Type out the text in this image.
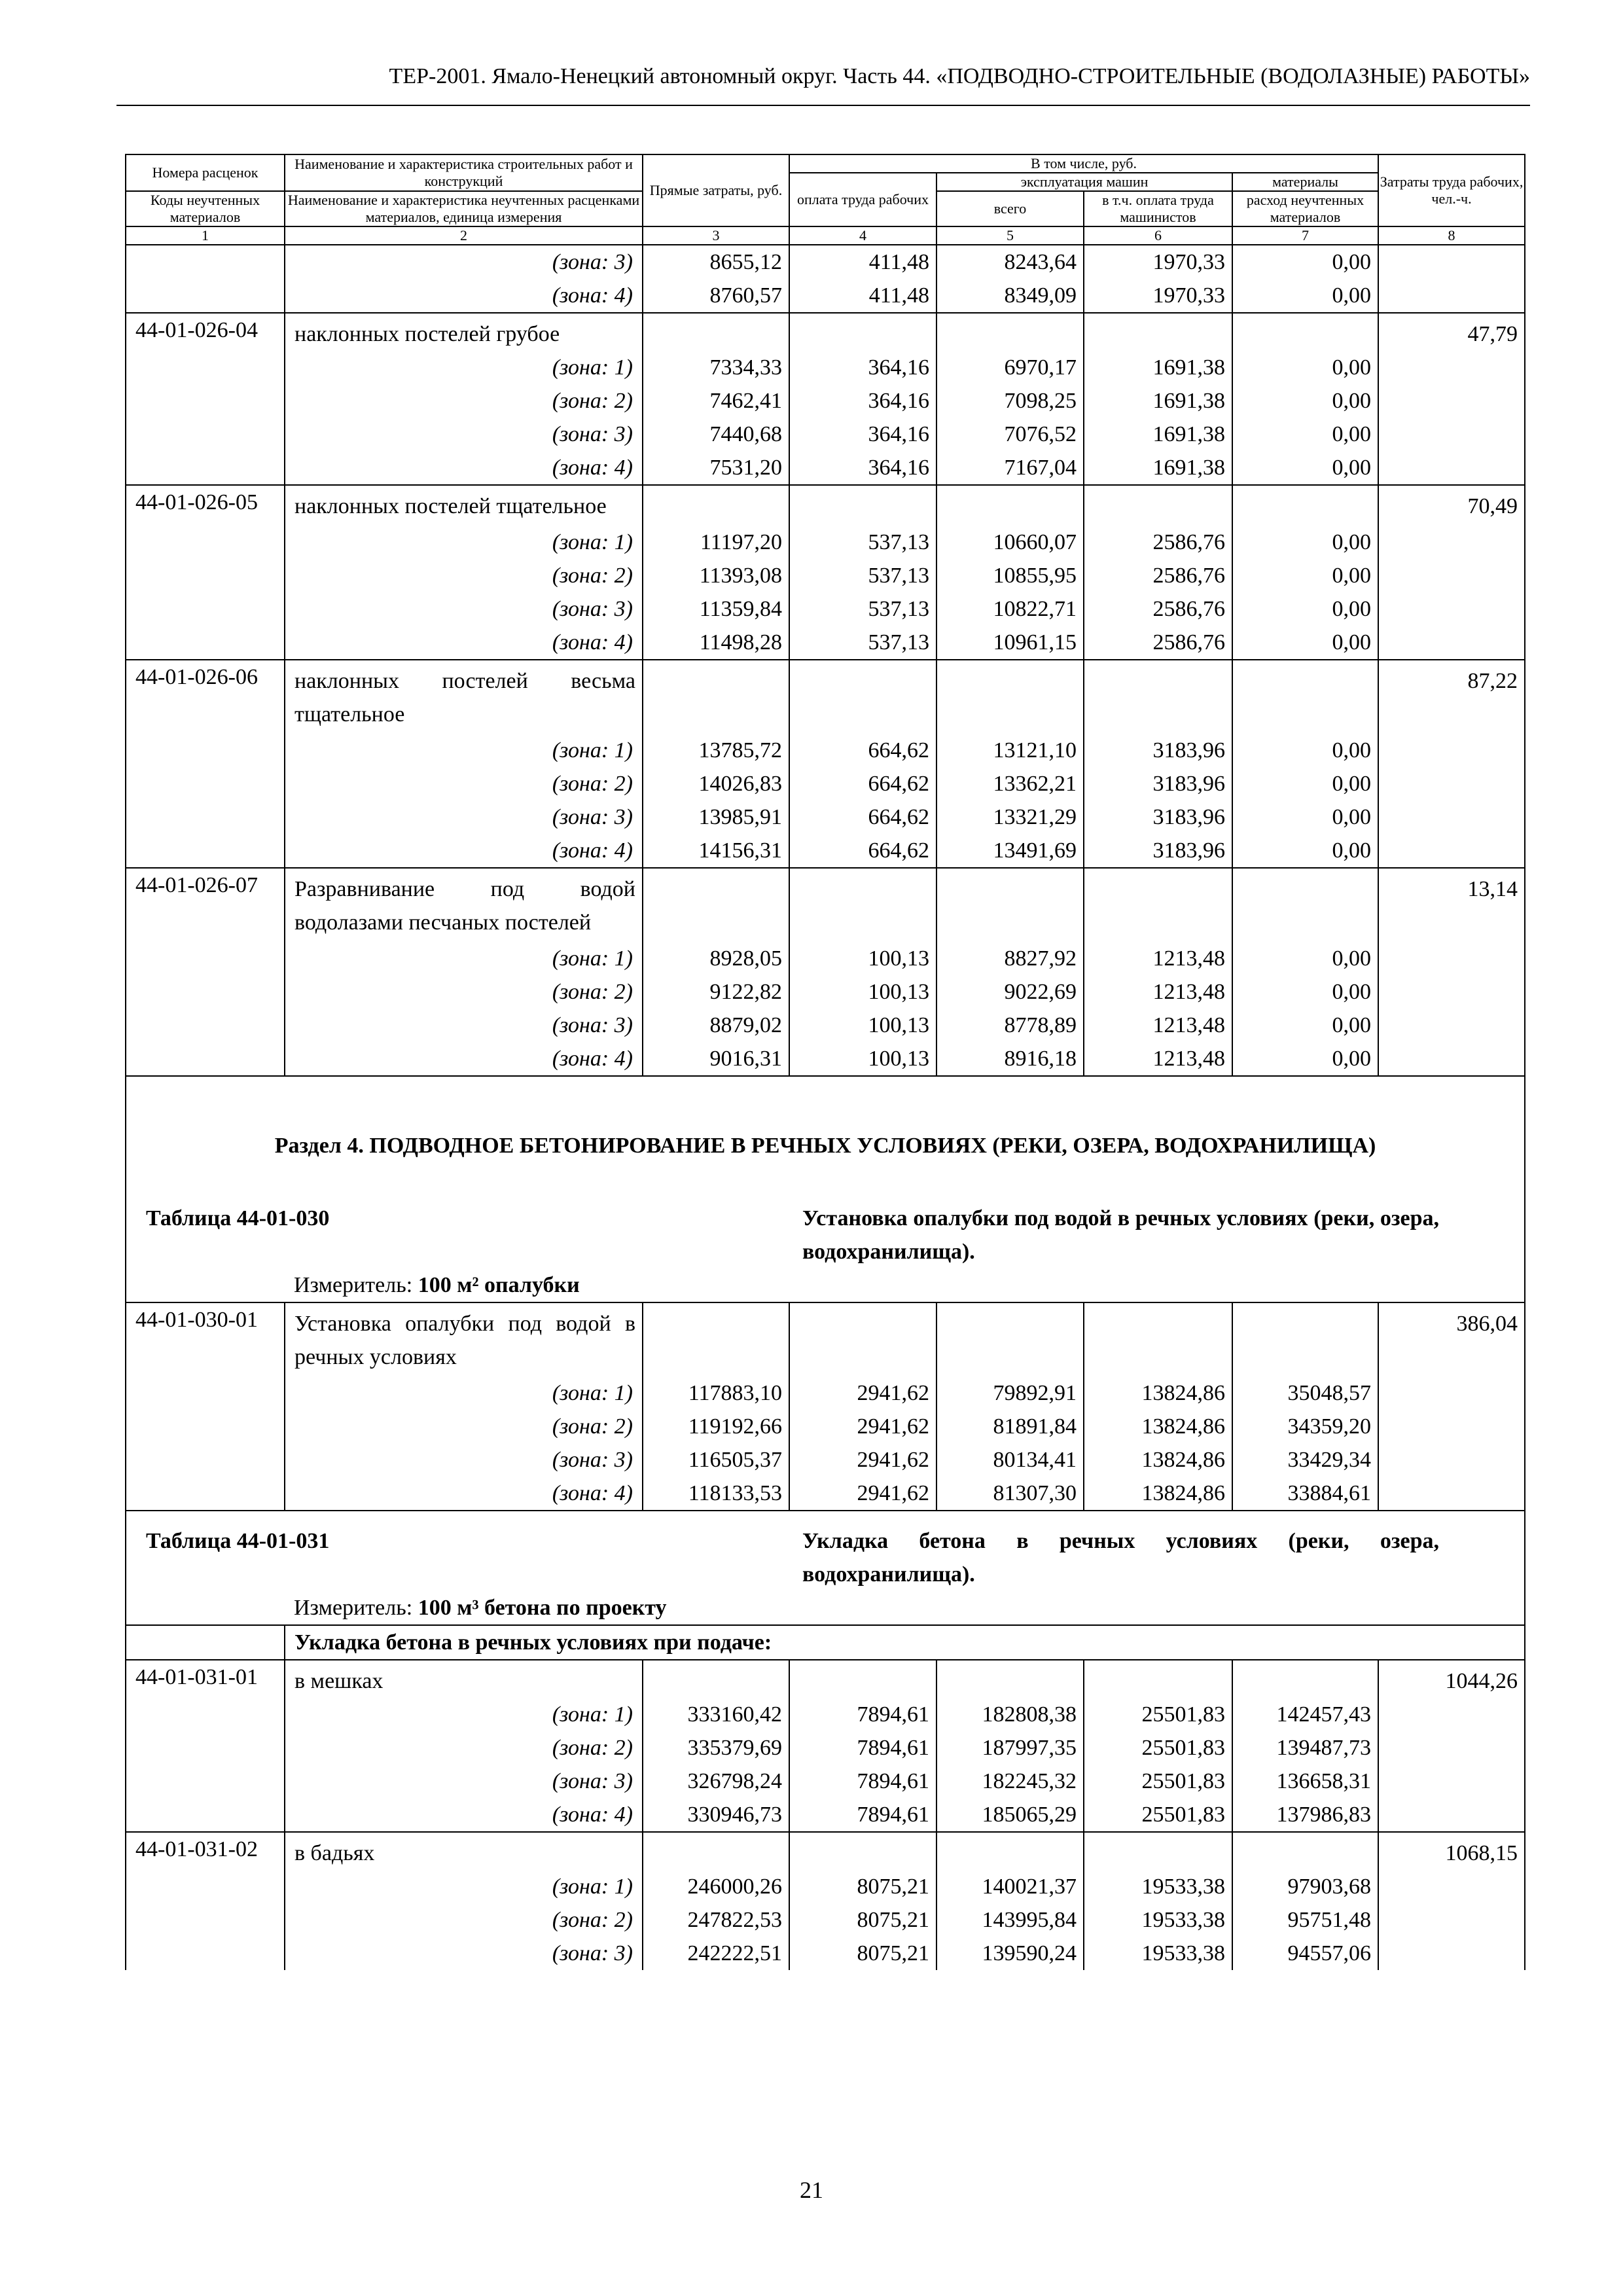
ТЕР-2001. Ямало-Ненецкий автономный округ. Часть 44. «ПОДВОДНО-СТРОИТЕЛЬНЫЕ (ВОДОЛАЗНЫЕ) РАБОТЫ»
Номера расценок	Наименование и характеристика строительных работ и конструкций	Прямые затраты, руб.	В том числе, руб.				Затраты труда рабочих, чел.-ч.
			оплата труда рабочих	эксплуатация машин		материалы	
Коды неучтенных материалов	Наименование и характеристика неучтенных расценками материалов, единица измерения			всего	в т.ч. оплата труда машинистов	расход неучтенных материалов	
1	2	3	4	5	6	7	8
	(зона: 3)	8655,12	411,48	8243,64	1970,33	0,00	
	(зона: 4)	8760,57	411,48	8349,09	1970,33	0,00	
44-01-026-04	наклонных постелей грубое						47,79
	(зона: 1)	7334,33	364,16	6970,17	1691,38	0,00	
	(зона: 2)	7462,41	364,16	7098,25	1691,38	0,00	
	(зона: 3)	7440,68	364,16	7076,52	1691,38	0,00	
	(зона: 4)	7531,20	364,16	7167,04	1691,38	0,00	
44-01-026-05	наклонных постелей тщательное						70,49
	(зона: 1)	11197,20	537,13	10660,07	2586,76	0,00	
	(зона: 2)	11393,08	537,13	10855,95	2586,76	0,00	
	(зона: 3)	11359,84	537,13	10822,71	2586,76	0,00	
	(зона: 4)	11498,28	537,13	10961,15	2586,76	0,00	
44-01-026-06	наклонных постелей весьма тщательное						87,22
	(зона: 1)	13785,72	664,62	13121,10	3183,96	0,00	
	(зона: 2)	14026,83	664,62	13362,21	3183,96	0,00	
	(зона: 3)	13985,91	664,62	13321,29	3183,96	0,00	
	(зона: 4)	14156,31	664,62	13491,69	3183,96	0,00	
44-01-026-07	Разравнивание под водой водолазами песчаных постелей						13,14
	(зона: 1)	8928,05	100,13	8827,92	1213,48	0,00	
	(зона: 2)	9122,82	100,13	9022,69	1213,48	0,00	
	(зона: 3)	8879,02	100,13	8778,89	1213,48	0,00	
	(зона: 4)	9016,31	100,13	8916,18	1213,48	0,00	
Раздел 4. ПОДВОДНОЕ БЕТОНИРОВАНИЕ В РЕЧНЫХ УСЛОВИЯХ (РЕКИ, ОЗЕРА, ВОДОХРАНИЛИЩА)							
Таблица 44-01-030			Установка опалубки под водой в речных условиях (реки, озера, водохранилища).				
	Измеритель: 100 м² опалубки						
44-01-030-01	Установка опалубки под водой в речных условиях						386,04
	(зона: 1)	117883,10	2941,62	79892,91	13824,86	35048,57	
	(зона: 2)	119192,66	2941,62	81891,84	13824,86	34359,20	
	(зона: 3)	116505,37	2941,62	80134,41	13824,86	33429,34	
	(зона: 4)	118133,53	2941,62	81307,30	13824,86	33884,61	
Таблица 44-01-031			Укладка бетона в речных условиях (реки, озера, водохранилища).				
	Измеритель: 100 м³ бетона по проекту						
	Укладка бетона в речных условиях при подаче:						
44-01-031-01	в мешках						1044,26
	(зона: 1)	333160,42	7894,61	182808,38	25501,83	142457,43	
	(зона: 2)	335379,69	7894,61	187997,35	25501,83	139487,73	
	(зона: 3)	326798,24	7894,61	182245,32	25501,83	136658,31	
	(зона: 4)	330946,73	7894,61	185065,29	25501,83	137986,83	
44-01-031-02	в бадьях						1068,15
	(зона: 1)	246000,26	8075,21	140021,37	19533,38	97903,68	
	(зона: 2)	247822,53	8075,21	143995,84	19533,38	95751,48	
	(зона: 3)	242222,51	8075,21	139590,24	19533,38	94557,06	
21
